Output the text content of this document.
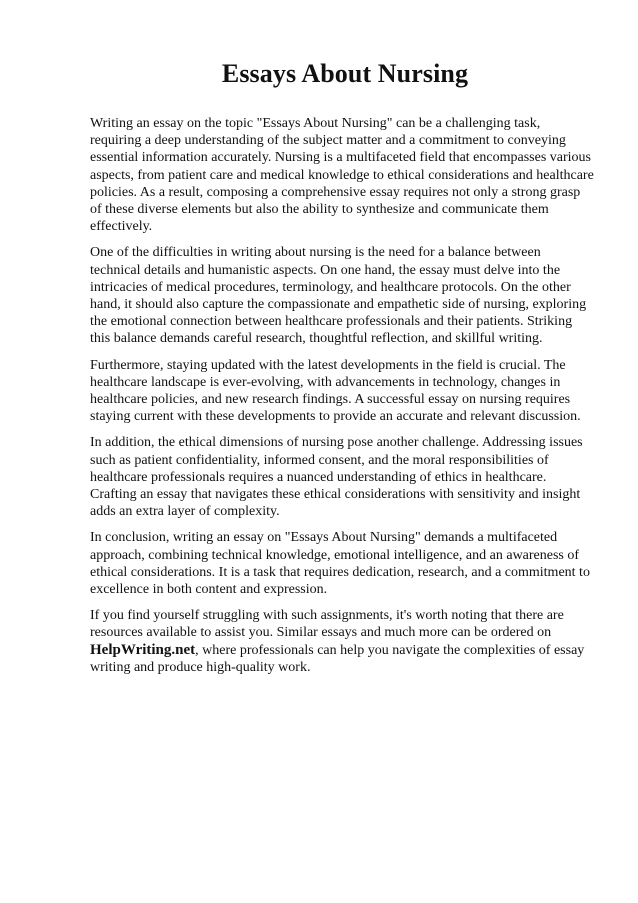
Essays About Nursing

Writing an essay on the topic "Essays About Nursing" can be a challenging task, requiring a deep understanding of the subject matter and a commitment to conveying essential information accurately. Nursing is a multifaceted field that encompasses various aspects, from patient care and medical knowledge to ethical considerations and healthcare policies. As a result, composing a comprehensive essay requires not only a strong grasp of these diverse elements but also the ability to synthesize and communicate them effectively.

One of the difficulties in writing about nursing is the need for a balance between technical details and humanistic aspects. On one hand, the essay must delve into the intricacies of medical procedures, terminology, and healthcare protocols. On the other hand, it should also capture the compassionate and empathetic side of nursing, exploring the emotional connection between healthcare professionals and their patients. Striking this balance demands careful research, thoughtful reflection, and skillful writing.

Furthermore, staying updated with the latest developments in the field is crucial. The healthcare landscape is ever-evolving, with advancements in technology, changes in healthcare policies, and new research findings. A successful essay on nursing requires staying current with these developments to provide an accurate and relevant discussion.

In addition, the ethical dimensions of nursing pose another challenge. Addressing issues such as patient confidentiality, informed consent, and the moral responsibilities of healthcare professionals requires a nuanced understanding of ethics in healthcare. Crafting an essay that navigates these ethical considerations with sensitivity and insight adds an extra layer of complexity.

In conclusion, writing an essay on "Essays About Nursing" demands a multifaceted approach, combining technical knowledge, emotional intelligence, and an awareness of ethical considerations. It is a task that requires dedication, research, and a commitment to excellence in both content and expression.

If you find yourself struggling with such assignments, it's worth noting that there are resources available to assist you. Similar essays and much more can be ordered on HelpWriting.net, where professionals can help you navigate the complexities of essay writing and produce high-quality work.
